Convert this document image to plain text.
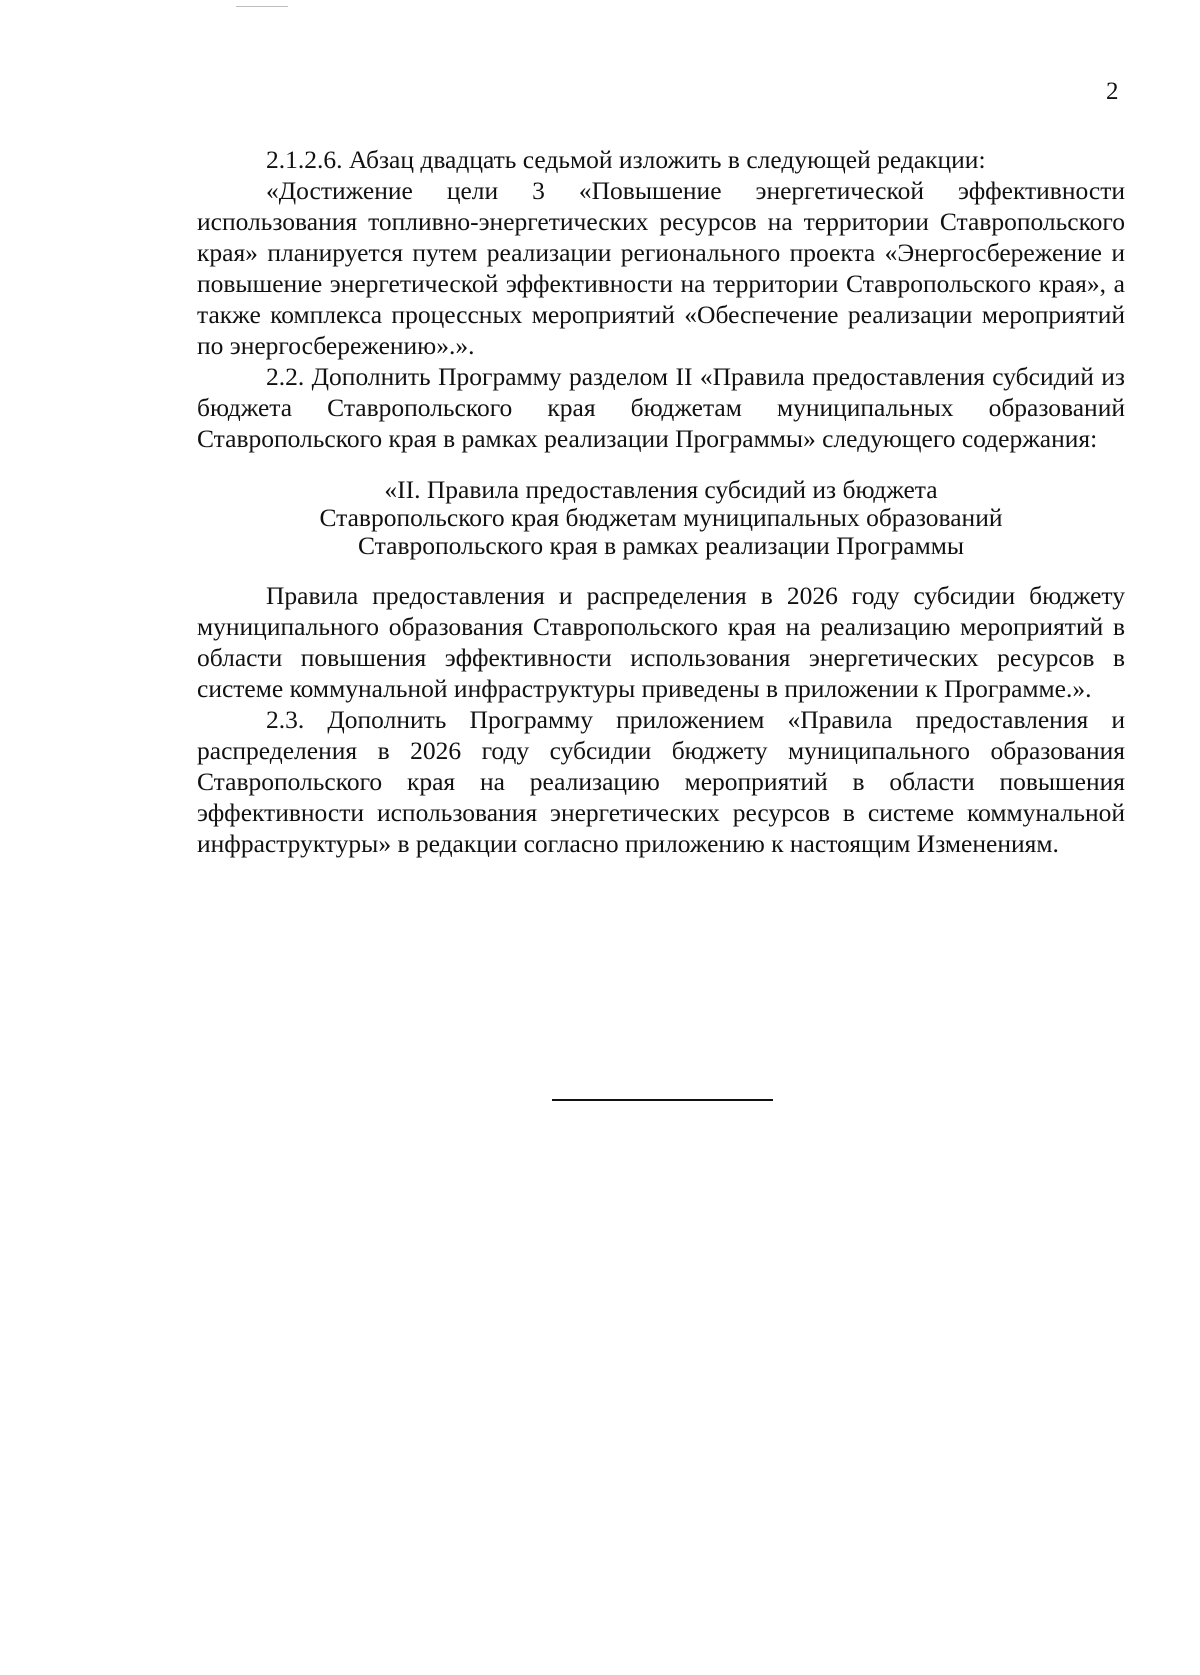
2

2.1.2.6. Абзац двадцать седьмой изложить в следующей редакции:

«Достижение цели 3 «Повышение энергетической эффективности использования топливно-энергетических ресурсов на территории Ставропольского края» планируется путем реализации регионального проекта «Энергосбережение и повышение энергетической эффективности на территории Ставропольского края», а также комплекса процессных мероприятий «Обеспечение реализации мероприятий по энергосбережению».».

2.2. Дополнить Программу разделом II «Правила предоставления субсидий из бюджета Ставропольского края бюджетам муниципальных образований Ставропольского края в рамках реализации Программы» следующего содержания:

«II. Правила предоставления субсидий из бюджета
Ставропольского края бюджетам муниципальных образований
Ставропольского края в рамках реализации Программы

Правила предоставления и распределения в 2026 году субсидии бюджету муниципального образования Ставропольского края на реализацию мероприятий в области повышения эффективности использования энергетических ресурсов в системе коммунальной инфраструктуры приведены в приложении к Программе.».

2.3. Дополнить Программу приложением «Правила предоставления и распределения в 2026 году субсидии бюджету муниципального образования Ставропольского края на реализацию мероприятий в области повышения эффективности использования энергетических ресурсов в системе коммунальной инфраструктуры» в редакции согласно приложению к настоящим Изменениям.
